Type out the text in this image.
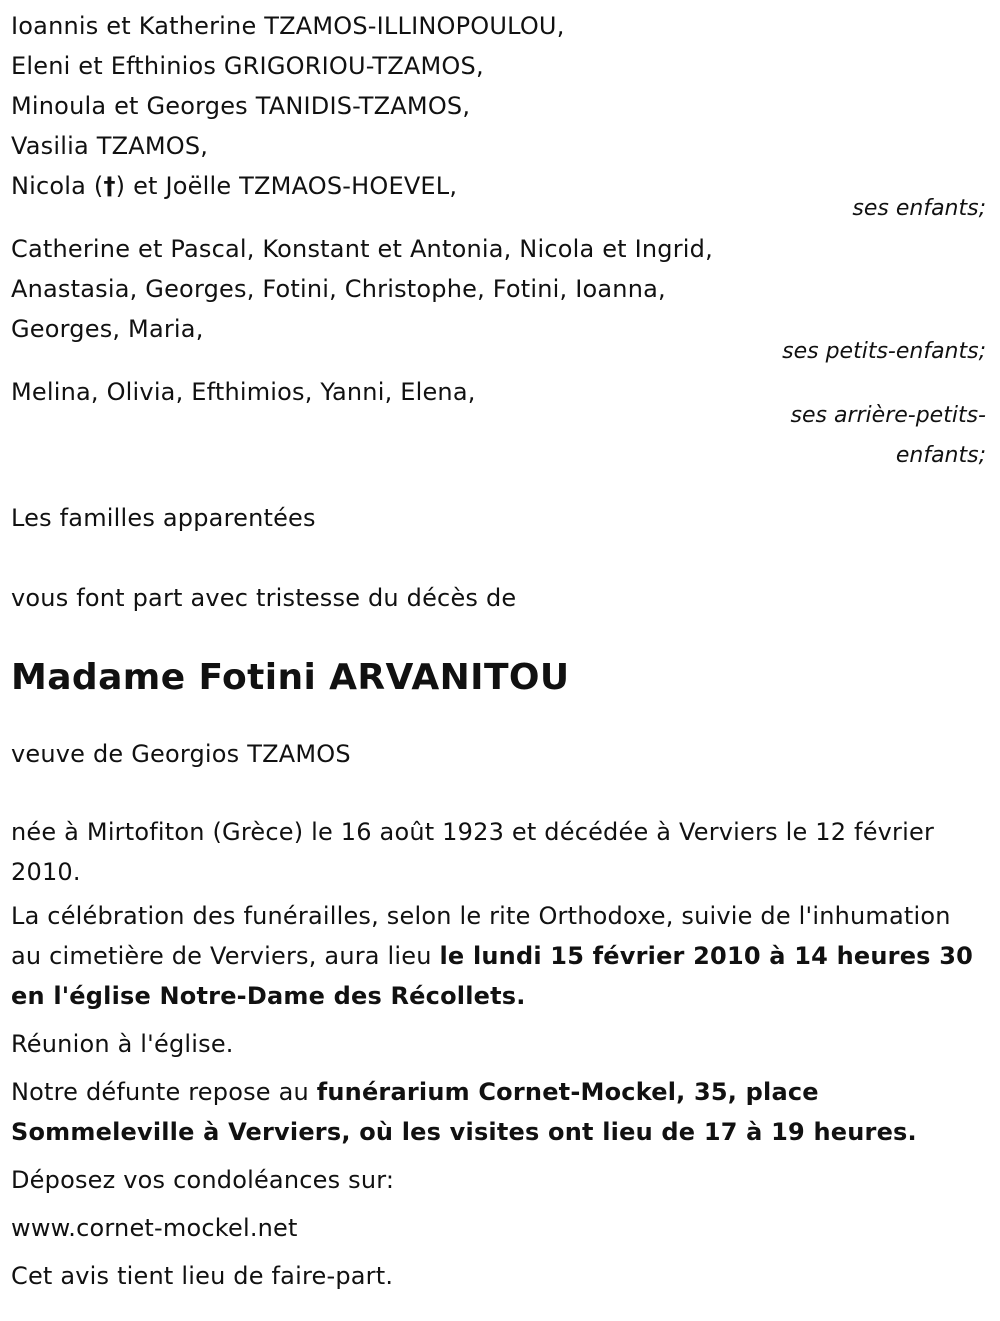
Ioannis et Katherine TZAMOS-ILLINOPOULOU,
Eleni et Efthinios GRIGORIOU-TZAMOS,
Minoula et Georges TANIDIS-TZAMOS,
Vasilia TZAMOS,
Nicola (†) et Joëlle TZMAOS-HOEVEL,
ses enfants;
Catherine et Pascal, Konstant et Antonia, Nicola et Ingrid,
Anastasia, Georges, Fotini, Christophe, Fotini, Ioanna,
Georges, Maria,
ses petits-enfants;
Melina, Olivia, Efthimios, Yanni, Elena,
ses arrière-petits-
enfants;
Les familles apparentées
vous font part avec tristesse du décès de
Madame Fotini ARVANITOU
veuve de Georgios TZAMOS
née à Mirtofiton (Grèce) le 16 août 1923 et décédée à Verviers le 12 février 2010.
La célébration des funérailles, selon le rite Orthodoxe, suivie de l'inhumation au cimetière de Verviers, aura lieu le lundi 15 février 2010 à 14 heures 30 en l'église Notre-Dame des Récollets.
Réunion à l'église.
Notre défunte repose au funérarium Cornet-Mockel, 35, place Sommeleville à Verviers, où les visites ont lieu de 17 à 19 heures.
Déposez vos condoléances sur:
www.cornet-mockel.net
Cet avis tient lieu de faire-part.
